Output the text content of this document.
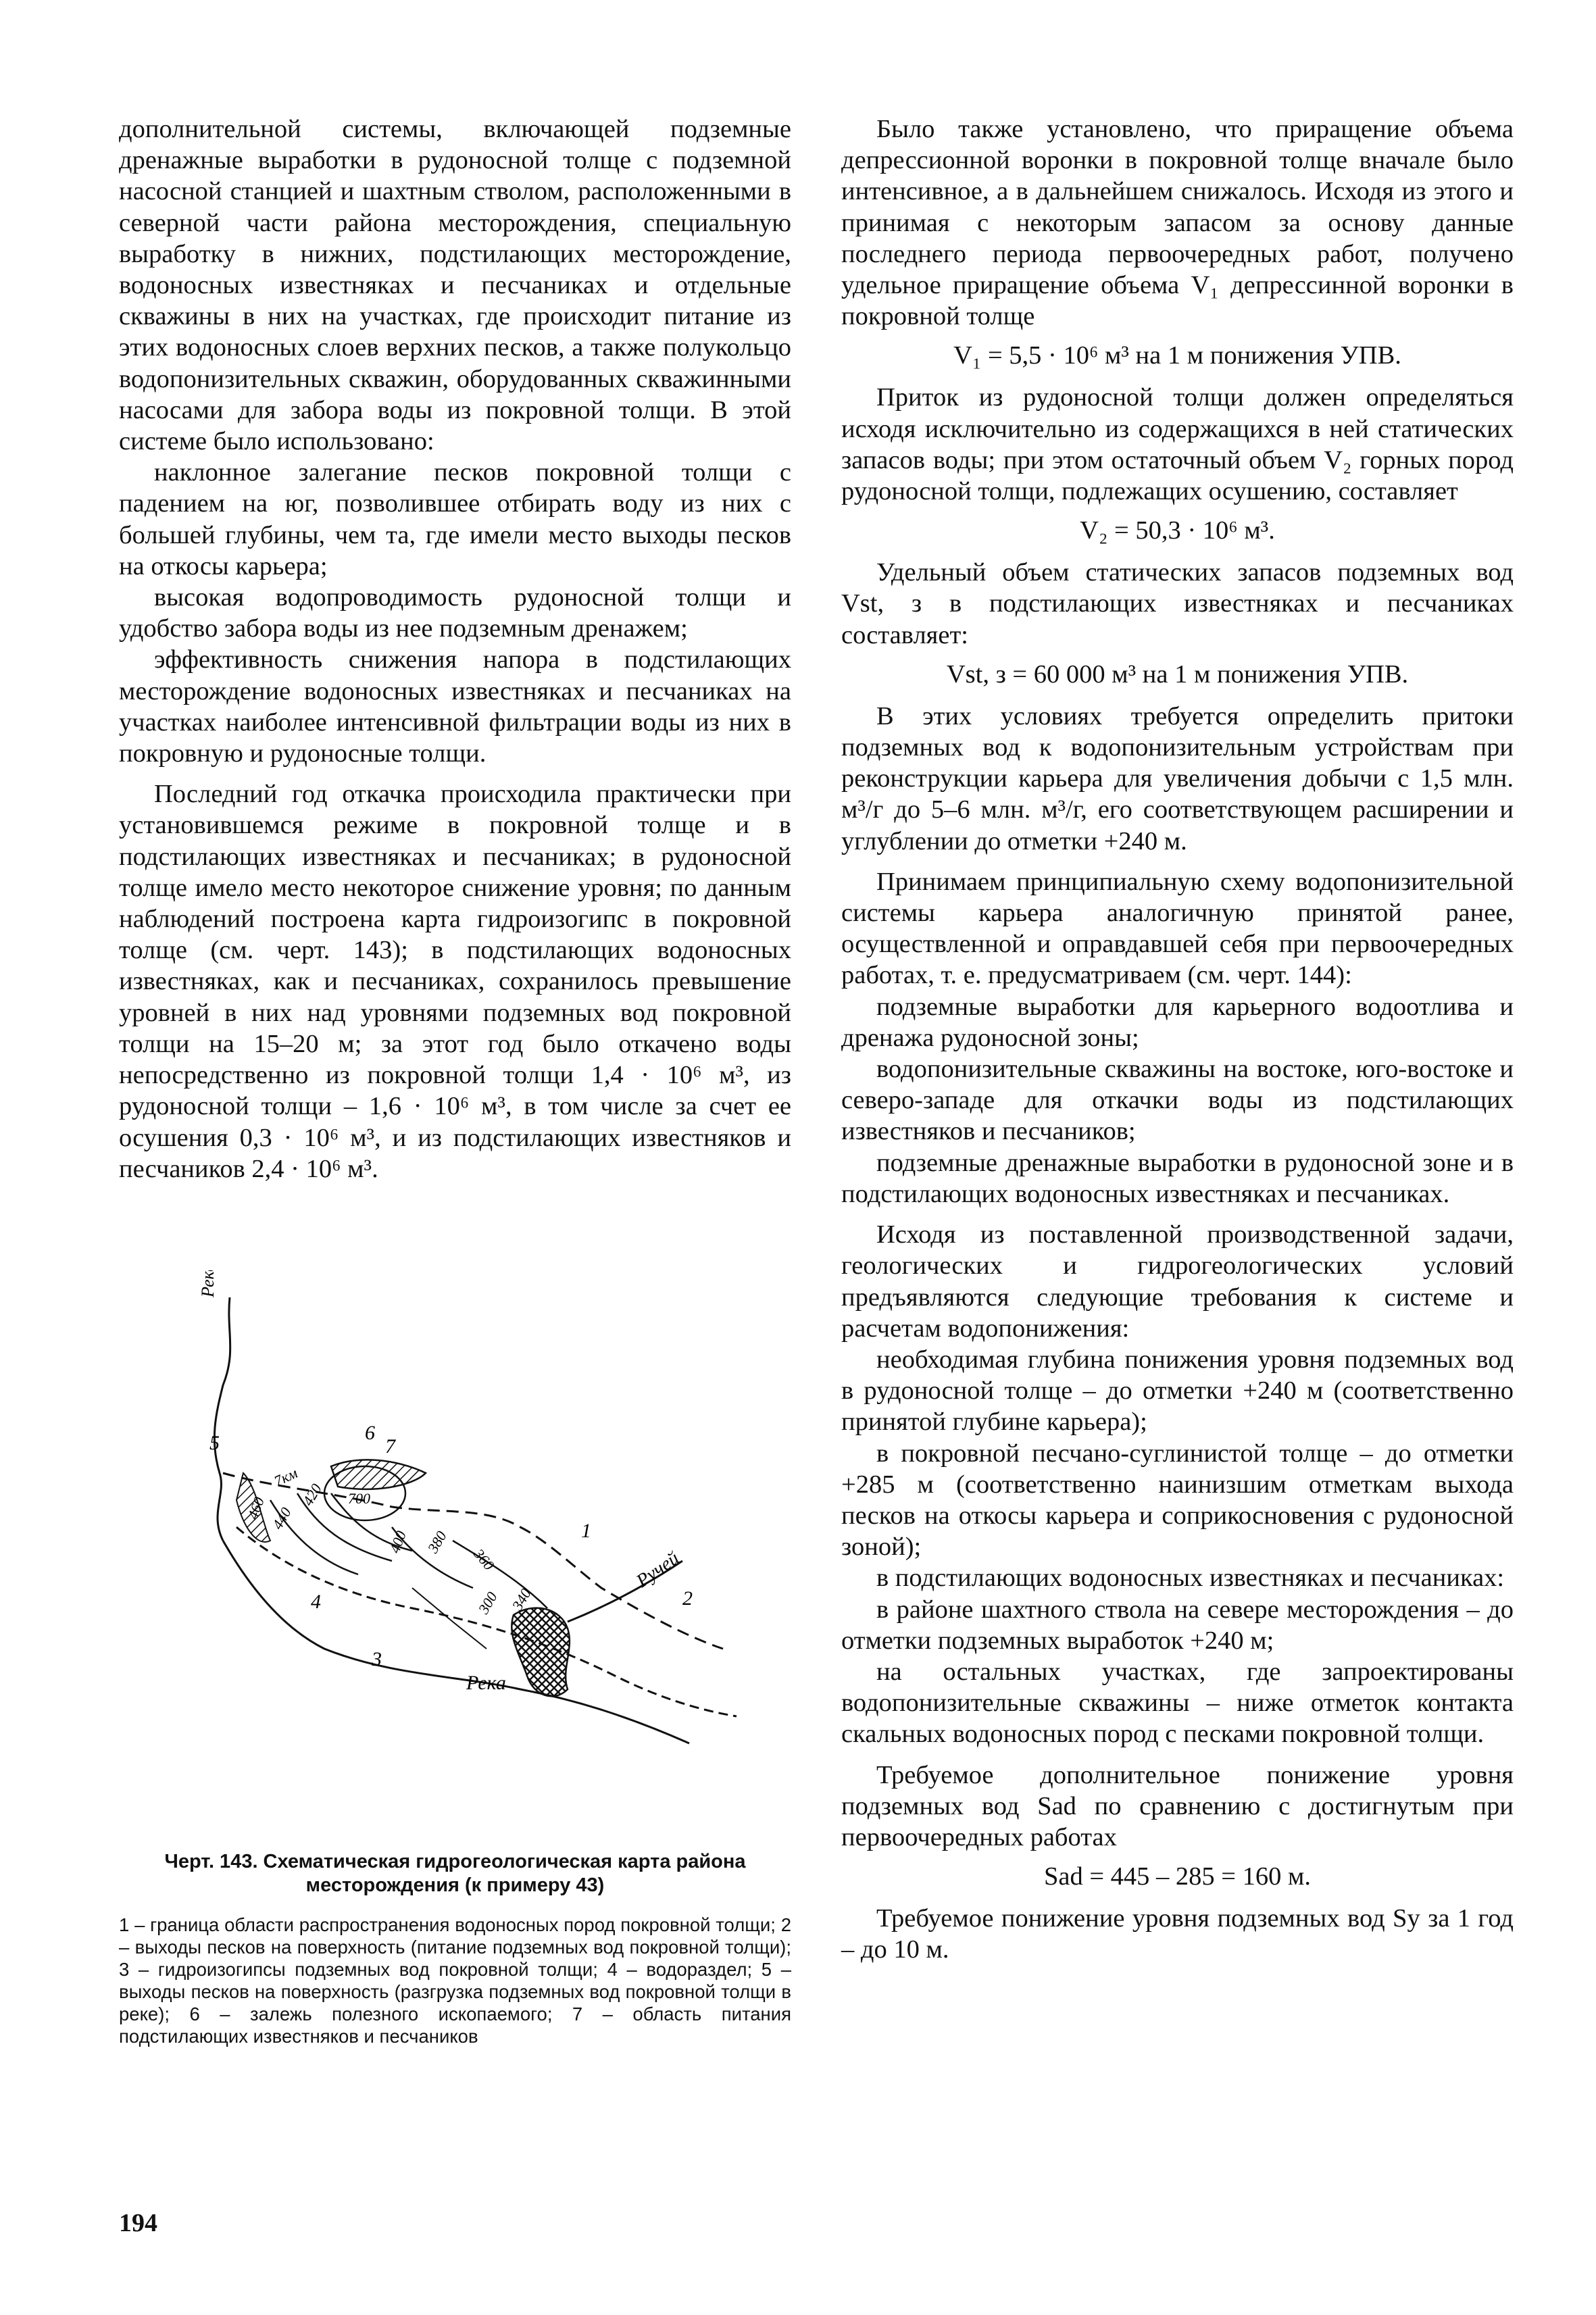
дополнительной системы, включающей подземные дренажные выработки в рудоносной толще с подземной насосной станцией и шахтным стволом, расположенными в северной части района месторождения, специальную выработку в нижних, подстилающих месторождение, водоносных известняках и песчаниках и отдельные скважины в них на участках, где происходит питание из этих водоносных слоев верхних песков, а также полукольцо водопонизительных скважин, оборудованных скважинными насосами для забора воды из покровной толщи. В этой системе было использовано:

наклонное залегание песков покровной толщи с падением на юг, позволившее отбирать воду из них с большей глубины, чем та, где имели место выходы песков на откосы карьера;

высокая водопроводимость рудоносной толщи и удобство забора воды из нее подземным дренажем;

эффективность снижения напора в подстилающих месторождение водоносных известняках и песчаниках на участках наиболее интенсивной фильтрации воды из них в покровную и рудоносные толщи.

Последний год откачка происходила практически при установившемся режиме в покровной толще и в подстилающих известняках и песчаниках; в рудоносной толще имело место некоторое снижение уровня; по данным наблюдений построена карта гидроизогипс в покровной толще (см. черт. 143); в подстилающих водоносных известняках, как и песчаниках, сохранилось превышение уровней в них над уровнями подземных вод покровной толщи на 15–20 м; за этот год было откачено воды непосредственно из покровной толщи 1,4 · 10⁶ м³, из рудоносной толщи – 1,6 · 10⁶ м³, в том числе за счет ее осушения 0,3 · 10⁶ м³, и из подстилающих известняков и песчаников 2,4 · 10⁶ м³.

Река
5	6
7
1
2
3
4
Река
Ручей
7км
460 440
420 700
400 380
360
340
300
Черт. 143. Схематическая гидрогеологическая карта района месторождения (к примеру 43)
1 – граница области распространения водоносных пород покровной толщи; 2 – выходы песков на поверхность (питание подземных вод покровной толщи); 3 – гидроизогипсы подземных вод покровной толщи; 4 – водораздел; 5 – выходы песков на поверхность (разгрузка подземных вод покровной толщи в реке); 6 – залежь полезного ископаемого; 7 – область питания подстилающих известняков и песчаников
194

Было также установлено, что приращение объема депрессионной воронки в покровной толще вначале было интенсивное, а в дальнейшем снижалось. Исходя из этого и принимая с некоторым запасом за основу данные последнего периода первоочередных работ, получено удельное приращение объема V₁ депрессинной воронки в покровной толще

V₁ = 5,5 · 10⁶ м³ на 1 м понижения УПВ.

Приток из рудоносной толщи должен определяться исходя исключительно из содержащихся в ней статических запасов воды; при этом остаточный объем V₂ горных пород рудоносной толщи, подлежащих осушению, составляет

V₂ = 50,3 · 10⁶ м³.

Удельный объем статических запасов подземных вод Vst, з в подстилающих известняках и песчаниках составляет:

Vst, з = 60 000 м³ на 1 м понижения УПВ.

В этих условиях требуется определить притоки подземных вод к водопонизительным устройствам при реконструкции карьера для увеличения добычи с 1,5 млн. м³/г до 5–6 млн. м³/г, его соответствующем расширении и углублении до отметки +240 м.

Принимаем принципиальную схему водопонизительной системы карьера аналогичную принятой ранее, осуществленной и оправдавшей себя при первоочередных работах, т. е. предусматриваем (см. черт. 144):

подземные выработки для карьерного водоотлива и дренажа рудоносной зоны;

водопонизительные скважины на востоке, юго-востоке и северо-западе для откачки воды из подстилающих известняков и песчаников;

подземные дренажные выработки в рудоносной зоне и в подстилающих водоносных известняках и песчаниках.

Исходя из поставленной производственной задачи, геологических и гидрогеологических условий предъявляются следующие требования к системе и расчетам водопонижения:

необходимая глубина понижения уровня подземных вод в рудоносной толще – до отметки +240 м (соответственно принятой глубине карьера);

в покровной песчано-суглинистой толще – до отметки +285 м (соответственно наинизшим отметкам выхода песков на откосы карьера и соприкосновения с рудоносной зоной);

в подстилающих водоносных известняках и песчаниках:

в районе шахтного ствола на севере месторождения – до отметки подземных выработок +240 м;

на остальных участках, где запроектированы водопонизительные скважины – ниже отметок контакта скальных водоносных пород с песками покровной толщи.

Требуемое дополнительное понижение уровня подземных вод Sad по сравнению с достигнутым при первоочередных работах

Sad = 445 – 285 = 160 м.

Требуемое понижение уровня подземных вод Sy за 1 год – до 10 м.
